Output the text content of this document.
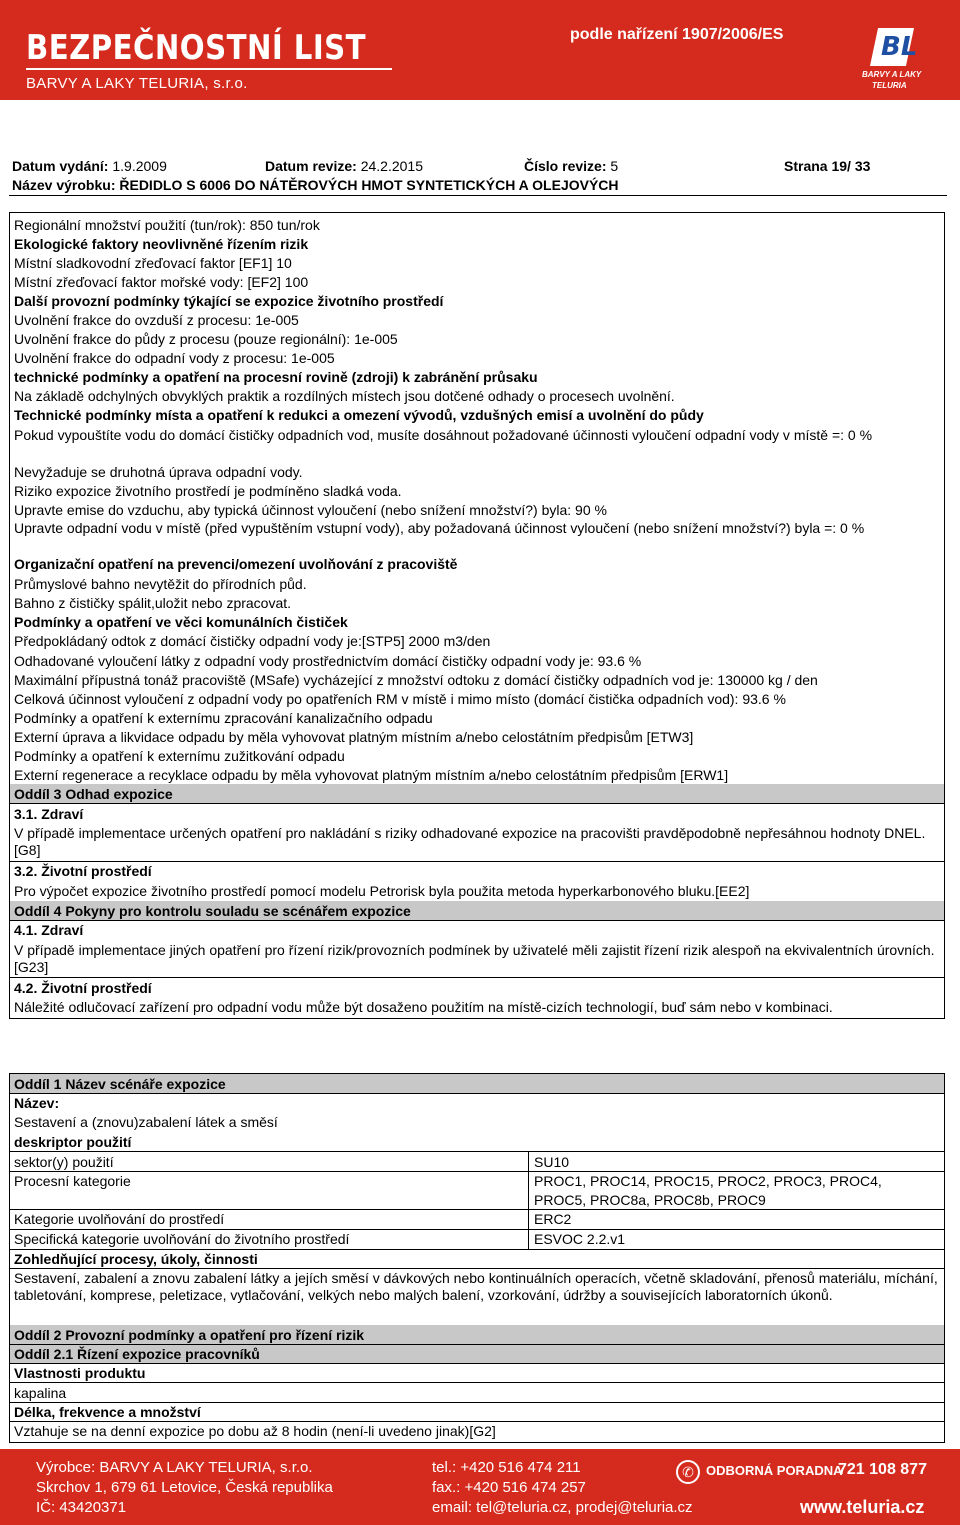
BEZPEČNOSTNÍ LIST
BARVY A LAKY TELURIA, s.r.o.
podle nařízení 1907/2006/ES	BL
BARVY A LAKY
TELURIA
Datum vydání: 1.9.2009	Datum revize: 24.2.2015	Číslo revize: 5	Strana 19/ 33
Název výrobku: ŘEDIDLO S 6006 DO NÁTĚROVÝCH HMOT SYNTETICKÝCH A OLEJOVÝCH
Regionální množství použití (tun/rok): 850 tun/rok
Ekologické faktory neovlivněné řízením rizik
Místní sladkovodní zřeďovací faktor [EF1] 10
Místní zřeďovací faktor mořské vody: [EF2] 100
Další provozní podmínky týkající se expozice životního prostředí
Uvolnění frakce do ovzduší z procesu: 1e-005
Uvolnění frakce do půdy z procesu (pouze regionální): 1e-005
Uvolnění frakce do odpadní vody z procesu: 1e-005
technické podmínky a opatření na procesní rovině (zdroji) k zabránění průsaku
Na základě odchylných obvyklých praktik a rozdílných místech jsou dotčené odhady o procesech uvolnění.
Technické podmínky místa a opatření k redukci a omezení vývodů, vzdušných emisí a uvolnění do půdy
Pokud vypouštíte vodu do domácí čističky odpadních vod, musíte dosáhnout požadované účinnosti vyloučení odpadní vody v místě =: 0 %
Nevyžaduje se druhotná úprava odpadní vody.
Riziko expozice životního prostředí je podmíněno sladká voda.
Upravte emise do vzduchu, aby typická účinnost vyloučení (nebo snížení množství?) byla: 90 %
Upravte odpadní vodu v místě (před vypuštěním vstupní vody), aby požadovaná účinnost vyloučení (nebo snížení množství?) byla =: 0 %
Organizační opatření na prevenci/omezení uvolňování z pracoviště
Průmyslové bahno nevytěžit do přírodních půd.
Bahno z čističky spálit,uložit nebo zpracovat.
Podmínky a opatření ve věci komunálních čističek
Předpokládaný odtok z domácí čističky odpadní vody je:[STP5] 2000 m3/den
Odhadované vyloučení látky z odpadní vody prostřednictvím domácí čističky odpadní vody je: 93.6 %
Maximální přípustná tonáž pracoviště (MSafe) vycházející z množství odtoku z domácí čističky odpadních vod je: 130000 kg / den
Celková účinnost vyloučení z odpadní vody po opatřeních RM v místě i mimo místo (domácí čistička odpadních vod): 93.6 %
Podmínky a opatření k externímu zpracování kanalizačního odpadu
Externí úprava a likvidace odpadu by měla vyhovovat platným místním a/nebo celostátním předpisům [ETW3]
Podmínky a opatření k externímu zužitkování odpadu
Externí regenerace a recyklace odpadu by měla vyhovovat platným místním a/nebo celostátním předpisům [ERW1]
Oddíl 3 Odhad expozice
3.1. Zdraví
V případě implementace určených opatření pro nakládání s riziky odhadované expozice na pracovišti pravděpodobně nepřesáhnou hodnoty DNEL.[G8]
3.2. Životní prostředí
Pro výpočet expozice životního prostředí pomocí modelu Petrorisk byla použita metoda hyperkarbonového bluku.[EE2]
Oddíl 4 Pokyny pro kontrolu souladu se scénářem expozice
4.1. Zdraví
V případě implementace jiných opatření pro řízení rizik/provozních podmínek by uživatelé měli zajistit řízení rizik alespoň na ekvivalentních úrovních.[G23]
4.2. Životní prostředí
Náležité odlučovací zařízení pro odpadní vodu může být dosaženo použitím na místě-cizích technologií, buď sám nebo v kombinaci.
Oddíl 1 Název scénáře expozice
Název:
Sestavení a (znovu)zabalení látek a směsí
deskriptor použití
sektor(y) použití	SU10
Procesní kategorie	PROC1, PROC14, PROC15, PROC2, PROC3, PROC4,
PROC5, PROC8a, PROC8b, PROC9
Kategorie uvolňování do prostředí	ERC2
Specifická kategorie uvolňování do životního prostředí	ESVOC 2.2.v1
Zohledňující procesy, úkoly, činnosti
Sestavení, zabalení a znovu zabalení látky a jejích směsí v dávkových nebo kontinuálních operacích, včetně skladování, přenosů materiálu, míchání, tabletování, komprese, peletizace, vytlačování, velkých nebo malých balení, vzorkování, údržby a souvisejících laboratorních úkonů.
Oddíl 2 Provozní podmínky a opatření pro řízení rizik
Oddíl 2.1 Řízení expozice pracovníků
Vlastnosti produktu
kapalina
Délka, frekvence a množství
Vztahuje se na denní expozice po dobu až 8 hodin (není-li uvedeno jinak)[G2]
Výrobce: BARVY A LAKY TELURIA, s.r.o.
Skrchov 1, 679 61 Letovice, Česká republika
IČ: 43420371
tel.: +420 516 474 211
fax.: +420 516 474 257
email: tel@teluria.cz, prodej@teluria.cz
✆ ODBORNÁ PORADNA
721 108 877
www.teluria.cz
